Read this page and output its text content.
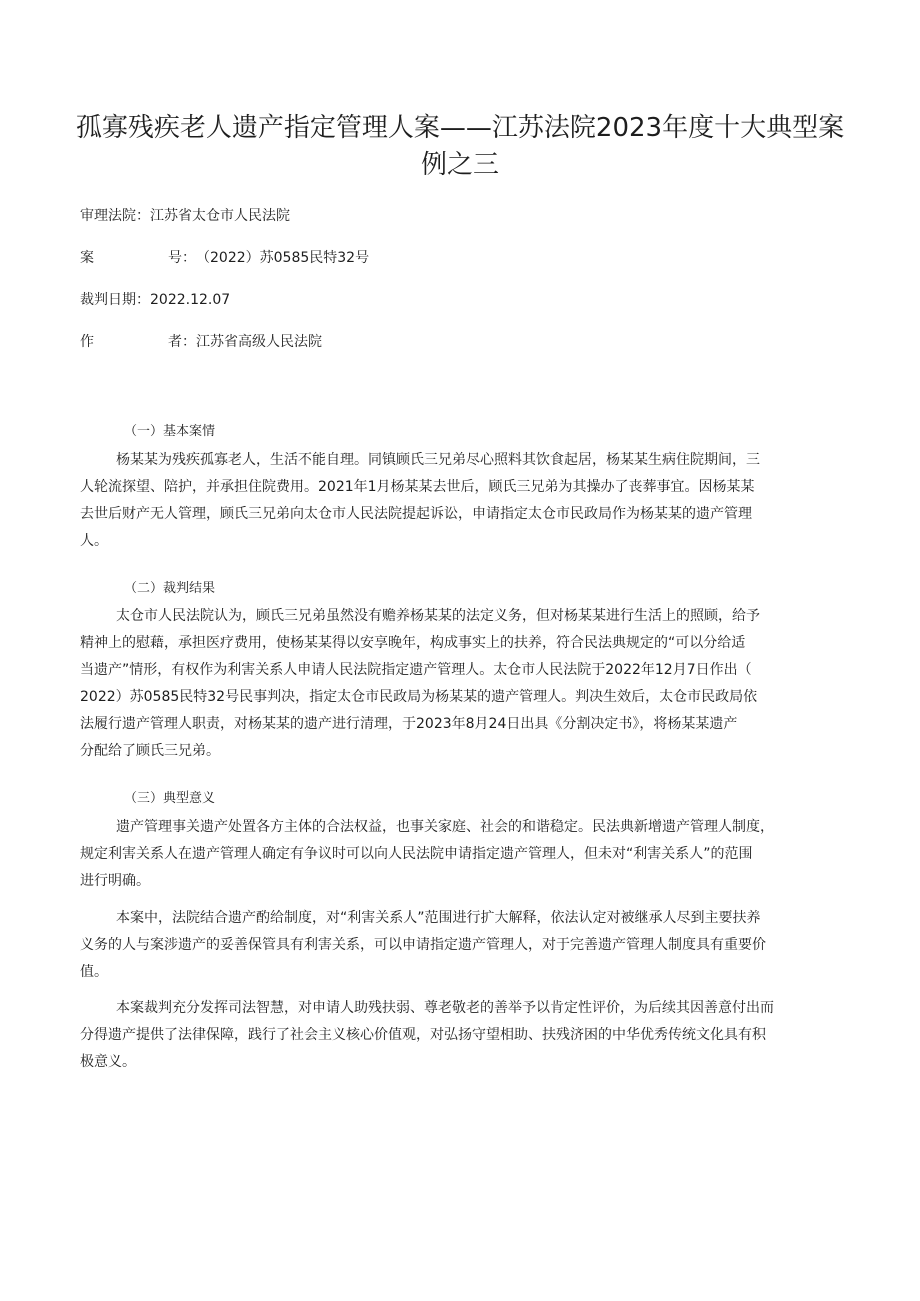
孤寡残疾老人遗产指定管理人案——江苏法院2023年度十大典型案
例之三
审理法院：江苏省太仓市人民法院
案	号：（2022）苏0585民特32号
裁判日期：2022.12.07
作	者：江苏省高级人民法院
（一）基本案情
杨某某为残疾孤寡老人，生活不能自理。同镇顾氏三兄弟尽心照料其饮食起居，杨某某生病住院期间，三
人轮流探望、陪护，并承担住院费用。2021年1月杨某某去世后，顾氏三兄弟为其操办了丧葬事宜。因杨某某
去世后财产无人管理，顾氏三兄弟向太仓市人民法院提起诉讼，申请指定太仓市民政局作为杨某某的遗产管理
人。
（二）裁判结果
太仓市人民法院认为，顾氏三兄弟虽然没有赡养杨某某的法定义务，但对杨某某进行生活上的照顾，给予
精神上的慰藉，承担医疗费用，使杨某某得以安享晚年，构成事实上的扶养，符合民法典规定的“可以分给适
当遗产”情形，有权作为利害关系人申请人民法院指定遗产管理人。太仓市人民法院于2022年12月7日作出（
2022）苏0585民特32号民事判决，指定太仓市民政局为杨某某的遗产管理人。判决生效后，太仓市民政局依
法履行遗产管理人职责，对杨某某的遗产进行清理，于2023年8月24日出具《分割决定书》，将杨某某遗产
分配给了顾氏三兄弟。
（三）典型意义
遗产管理事关遗产处置各方主体的合法权益，也事关家庭、社会的和谐稳定。民法典新增遗产管理人制度，
规定利害关系人在遗产管理人确定有争议时可以向人民法院申请指定遗产管理人，但未对“利害关系人”的范围
进行明确。
本案中，法院结合遗产酌给制度，对“利害关系人”范围进行扩大解释，依法认定对被继承人尽到主要扶养
义务的人与案涉遗产的妥善保管具有利害关系，可以申请指定遗产管理人，对于完善遗产管理人制度具有重要价
值。
本案裁判充分发挥司法智慧，对申请人助残扶弱、尊老敬老的善举予以肯定性评价，为后续其因善意付出而
分得遗产提供了法律保障，践行了社会主义核心价值观，对弘扬守望相助、扶残济困的中华优秀传统文化具有积
极意义。
